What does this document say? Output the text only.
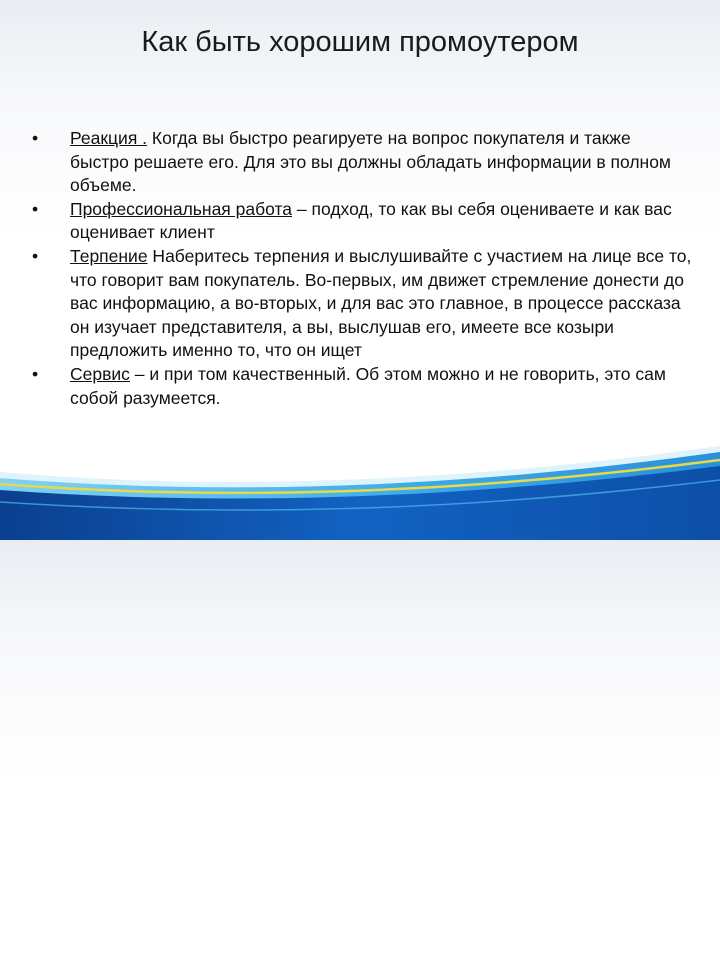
Как быть хорошим промоутером
•	Реакция . Когда вы быстро реагируете на вопрос покупателя и также быстро решаете его. Для это вы должны обладать информации в полном объеме.
•	Профессиональная работа – подход, то как вы себя оцениваете и как вас оценивает клиент
•	Терпение Наберитесь терпения и выслушивайте с участием на лице все то, что говорит вам покупатель. Во-первых, им движет стремление донести до вас информацию, а во-вторых, и для вас это главное, в процессе рассказа он изучает представителя, а вы, выслушав его, имеете все козыри предложить именно то, что он ищет
•	Сервис – и при том качественный. Об этом можно и не говорить, это сам собой разумеется.
gmc
GROUP
